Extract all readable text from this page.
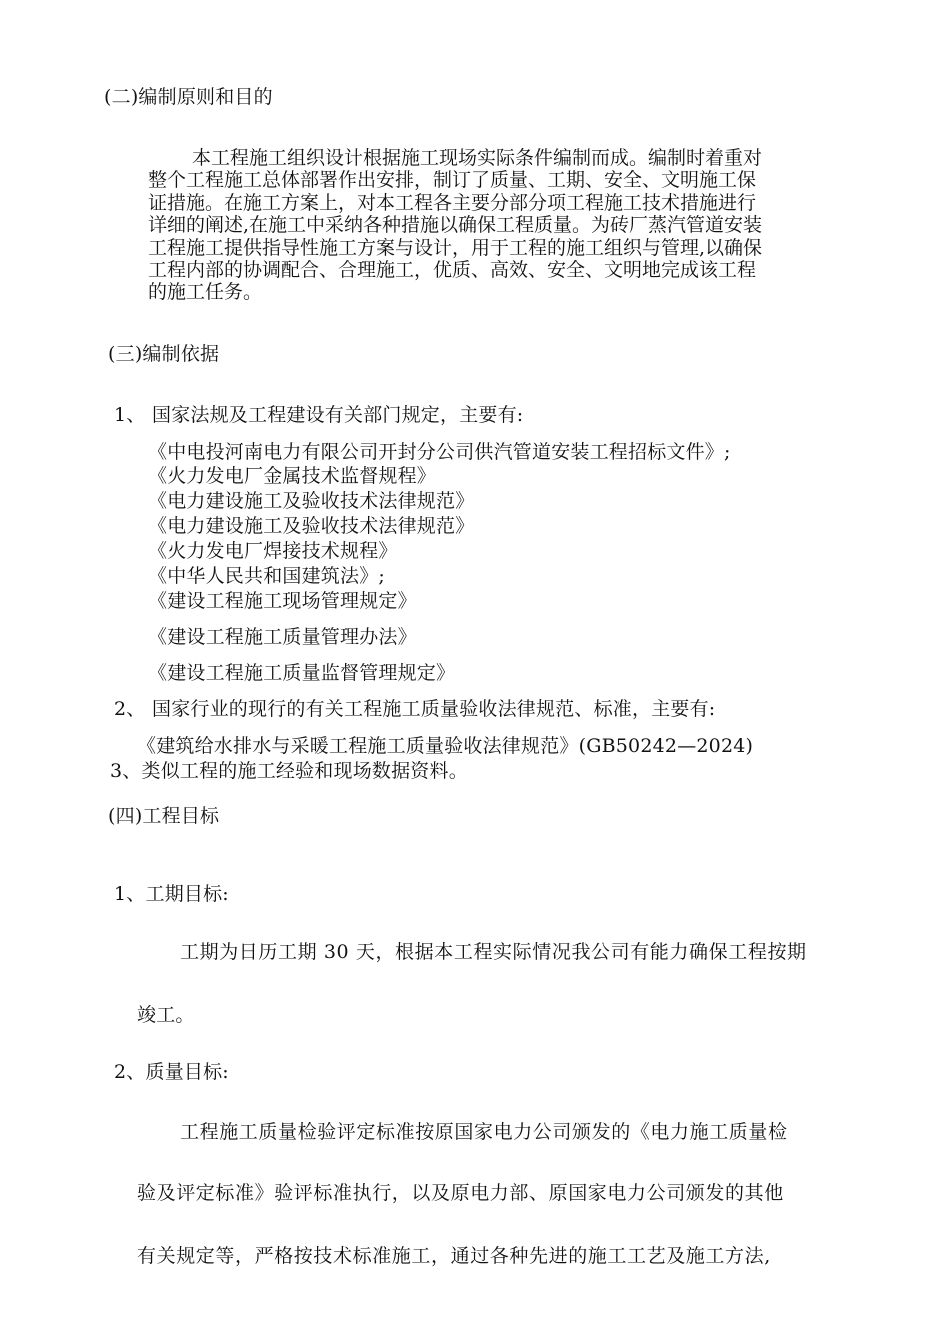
(二)编制原则和目的
本工程施工组织设计根据施工现场实际条件编制而成。编制时着重对
整个工程施工总体部署作出安排，制订了质量、工期、安全、文明施工保
证措施。在施工方案上，对本工程各主要分部分项工程施工技术措施进行
详细的阐述,在施工中采纳各种措施以确保工程质量。为砖厂蒸汽管道安装
工程施工提供指导性施工方案与设计，用于工程的施工组织与管理,以确保
工程内部的协调配合、合理施工，优质、高效、安全、文明地完成该工程
的施工任务。
(三)编制依据
1、 国家法规及工程建设有关部门规定，主要有:
《中电投河南电力有限公司开封分公司供汽管道安装工程招标文件》;
《火力发电厂金属技术监督规程》
《电力建设施工及验收技术法律规范》
《电力建设施工及验收技术法律规范》
《火力发电厂焊接技术规程》
《中华人民共和国建筑法》;
《建设工程施工现场管理规定》
《建设工程施工质量管理办法》
《建设工程施工质量监督管理规定》
2、 国家行业的现行的有关工程施工质量验收法律规范、标准，主要有:
《建筑给水排水与采暖工程施工质量验收法律规范》(GB50242—2024)
3、类似工程的施工经验和现场数据资料。
(四)工程目标
1、工期目标:
工期为日历工期 30 天，根据本工程实际情况我公司有能力确保工程按期
竣工。
2、质量目标:
工程施工质量检验评定标准按原国家电力公司颁发的《电力施工质量检
验及评定标准》验评标准执行，以及原电力部、原国家电力公司颁发的其他
有关规定等，严格按技术标准施工，通过各种先进的施工工艺及施工方法,
